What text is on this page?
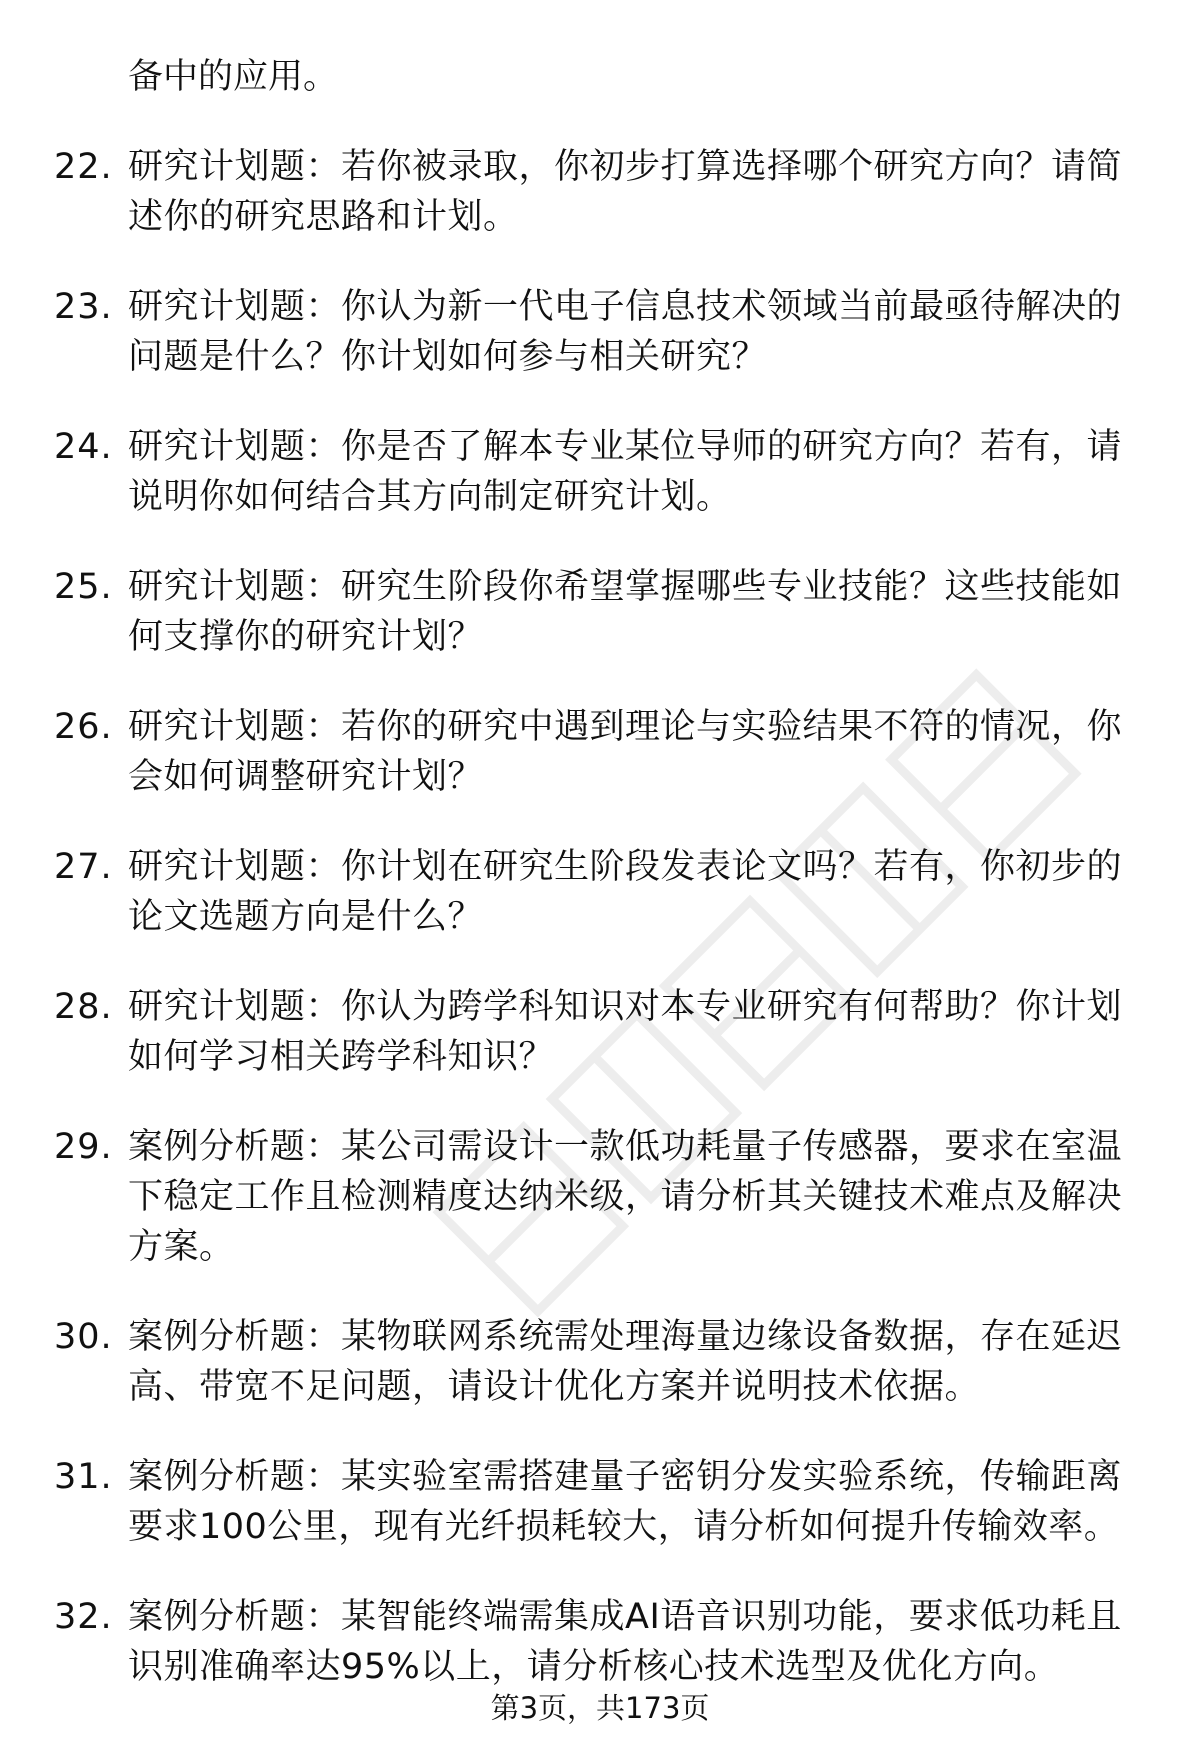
备中的应用。
22. 研究计划题：若你被录取，你初步打算选择哪个研究方向？请简
述你的研究思路和计划。
23. 研究计划题：你认为新一代电子信息技术领域当前最亟待解决的
问题是什么？你计划如何参与相关研究？
24. 研究计划题：你是否了解本专业某位导师的研究方向？若有，请
说明你如何结合其方向制定研究计划。
25. 研究计划题：研究生阶段你希望掌握哪些专业技能？这些技能如
何支撑你的研究计划？
26. 研究计划题：若你的研究中遇到理论与实验结果不符的情况，你
会如何调整研究计划？
27. 研究计划题：你计划在研究生阶段发表论文吗？若有，你初步的
论文选题方向是什么？
28. 研究计划题：你认为跨学科知识对本专业研究有何帮助？你计划
如何学习相关跨学科知识？
29. 案例分析题：某公司需设计一款低功耗量子传感器，要求在室温
下稳定工作且检测精度达纳米级，请分析其关键技术难点及解决
方案。
30. 案例分析题：某物联网系统需处理海量边缘设备数据，存在延迟
高、带宽不足问题，请设计优化方案并说明技术依据。
31. 案例分析题：某实验室需搭建量子密钥分发实验系统，传输距离
要求100公里，现有光纤损耗较大，请分析如何提升传输效率。
32. 案例分析题：某智能终端需集成AI语音识别功能，要求低功耗且
识别准确率达95%以上，请分析核心技术选型及优化方向。
第3页，共173页
